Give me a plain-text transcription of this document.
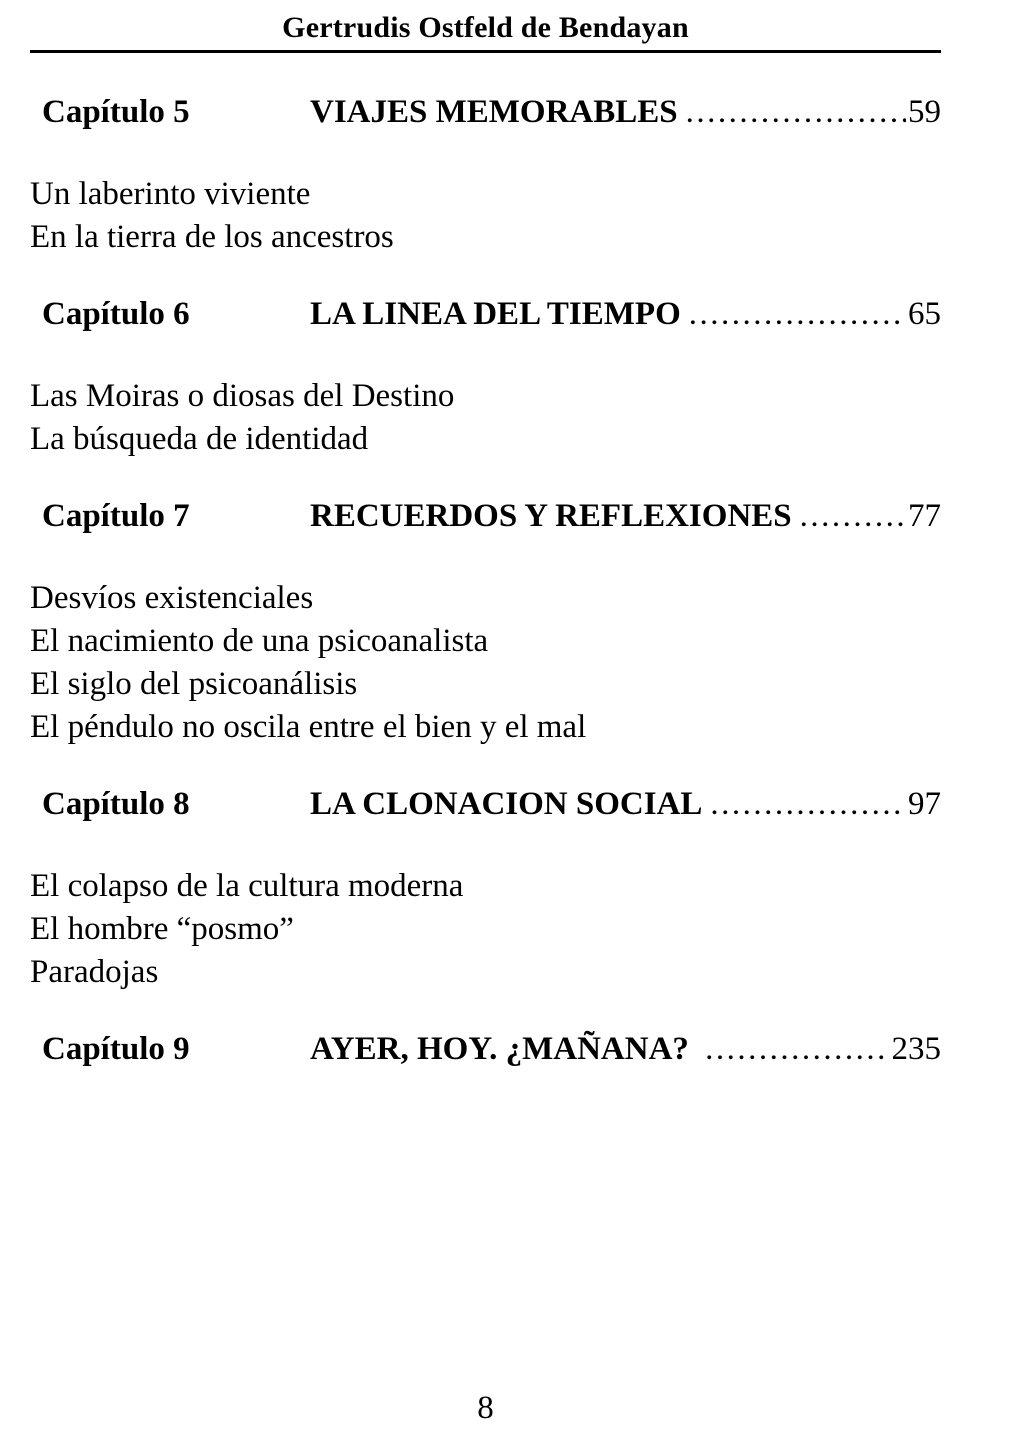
Gertrudis Ostfeld de Bendayan
Capítulo 5	VIAJES MEMORABLES .....	59
Un laberinto viviente
En la tierra de los ancestros
Capítulo 6	LA LINEA DEL TIEMPO .....	65
Las Moiras o diosas del Destino
La búsqueda de identidad
Capítulo 7	RECUERDOS Y REFLEXIONES .....	77
Desvíos existenciales
El nacimiento de una psicoanalista
El siglo del psicoanálisis
El péndulo no oscila entre el bien y el mal
Capítulo 8	LA CLONACION SOCIAL .....	97
El colapso de la cultura moderna
El hombre “posmo”
Paradojas
Capítulo 9	AYER, HOY. ¿MAÑANA? .....	235
8
